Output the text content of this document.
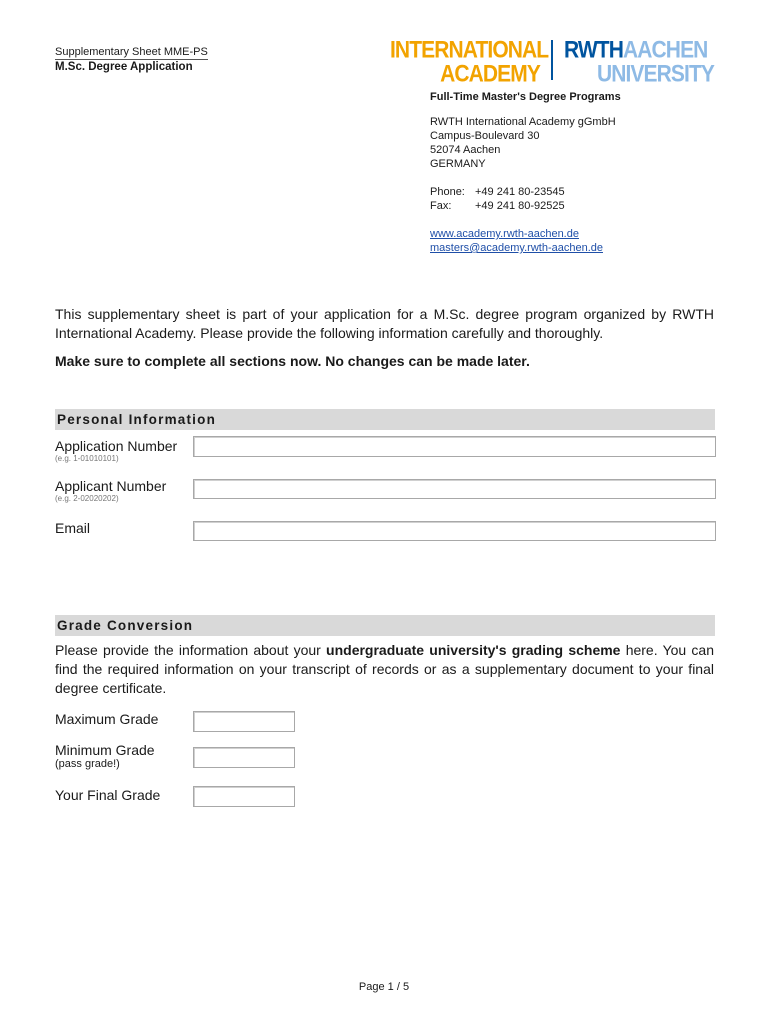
Supplementary Sheet MME-PS
M.Sc. Degree Application
INTERNATIONAL
ACADEMY
RWTHAACHEN
UNIVERSITY
Full-Time Master's Degree Programs
RWTH International Academy gGmbH
Campus-Boulevard 30
52074 Aachen
GERMANY
Phone: +49 241 80-23545
Fax: +49 241 80-92525
www.academy.rwth-aachen.de
masters@academy.rwth-aachen.de
This supplementary sheet is part of your application for a M.Sc. degree program organized by RWTH International Academy. Please provide the following information carefully and thoroughly.
Make sure to complete all sections now. No changes can be made later.
Personal Information
Application Number
(e.g. 1-01010101)
Applicant Number
(e.g. 2-02020202)
Email
Grade Conversion
Please provide the information about your undergraduate university's grading scheme here. You can find the required information on your transcript of records or as a supplementary document to your final degree certificate.
Maximum Grade
Minimum Grade
(pass grade!)
Your Final Grade
Page 1 / 5
